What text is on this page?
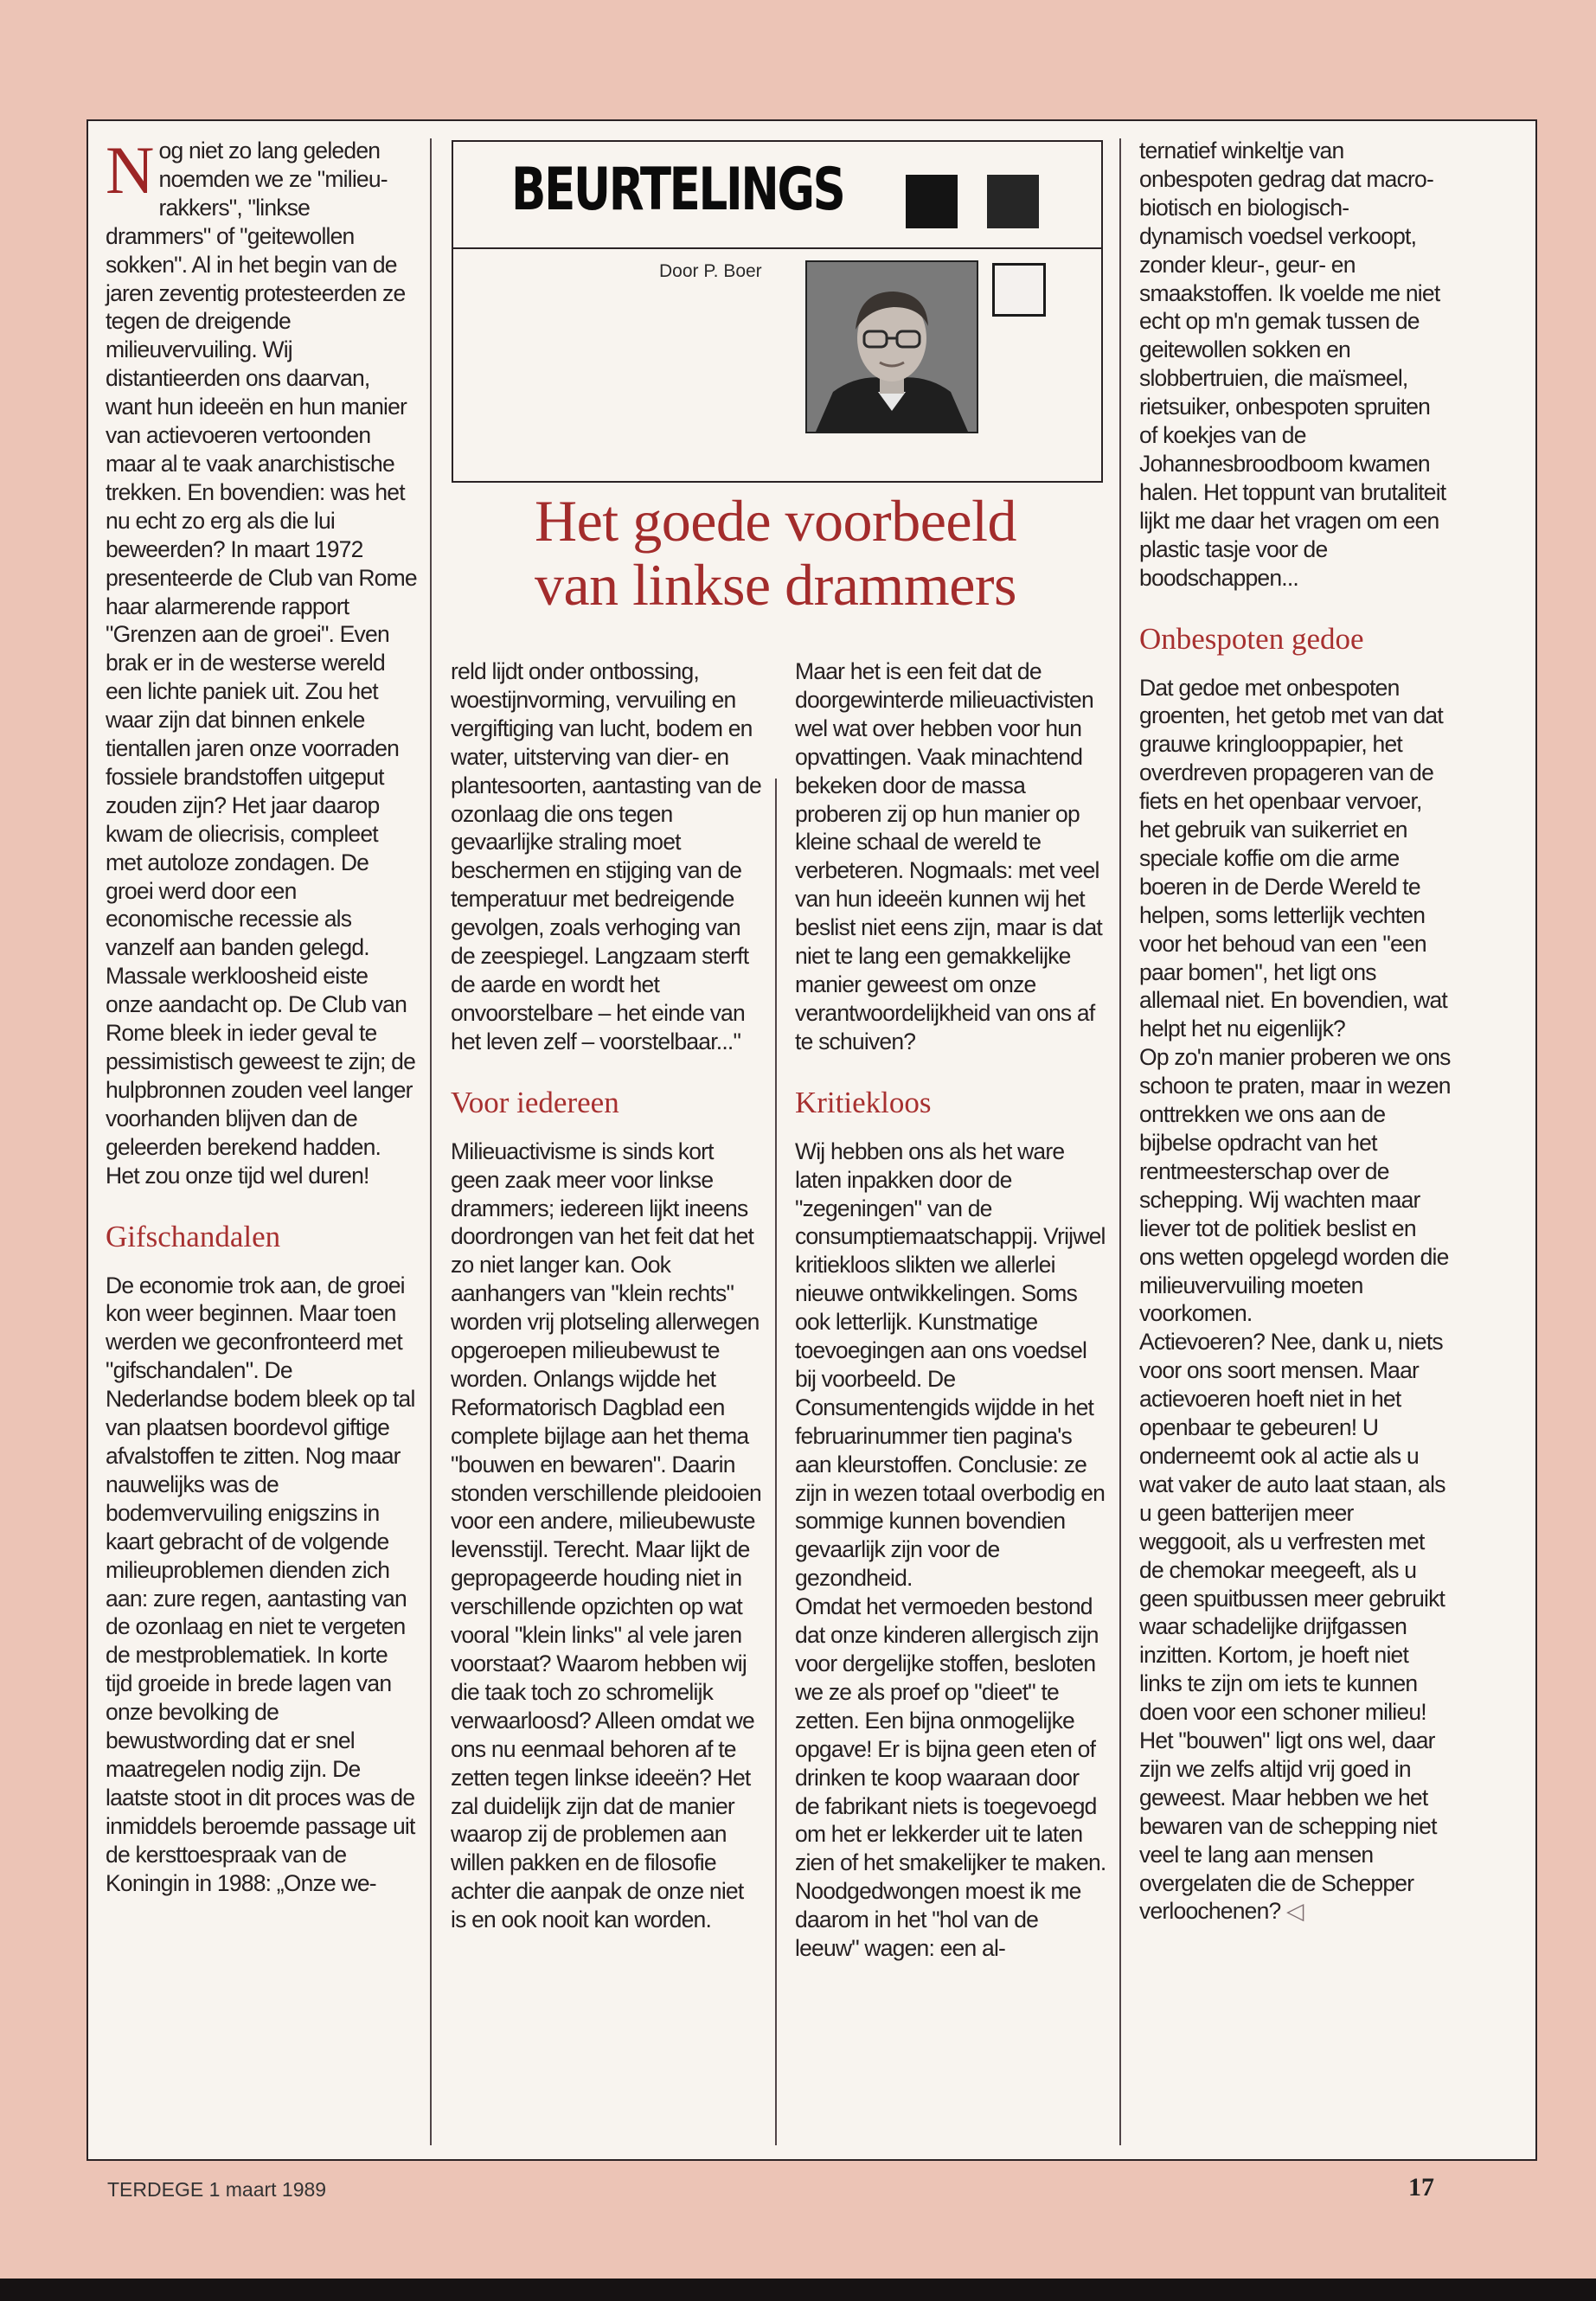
N og niet zo lang geleden noemden we ze "milieu-rakkers", "linkse drammers" of "geitewollen sokken". Al in het begin van de jaren zeventig protesteerden ze tegen de dreigende milieuvervuiling. Wij distantieerden ons daarvan, want hun ideeën en hun manier van actievoeren vertoonden maar al te vaak anarchistische trekken. En bovendien: was het nu echt zo erg als die lui beweerden? In maart 1972 presenteerde de Club van Rome haar alarmerende rapport "Grenzen aan de groei". Even brak er in de westerse wereld een lichte paniek uit. Zou het waar zijn dat binnen enkele tientallen jaren onze voorraden fossiele brandstoffen uitgeput zouden zijn? Het jaar daarop kwam de oliecrisis, compleet met autoloze zondagen. De groei werd door een economische recessie als vanzelf aan banden gelegd. Massale werkloosheid eiste onze aandacht op. De Club van Rome bleek in ieder geval te pessimistisch geweest te zijn; de hulpbronnen zouden veel langer voorhanden blijven dan de geleerden berekend hadden. Het zou onze tijd wel duren!

Gifschandalen

De economie trok aan, de groei kon weer beginnen. Maar toen werden we geconfronteerd met "gifschandalen". De Nederlandse bodem bleek op tal van plaatsen boordevol giftige afvalstoffen te zitten. Nog maar nauwelijks was de bodemvervuiling enigszins in kaart gebracht of de volgende milieuproblemen dienden zich aan: zure regen, aantasting van de ozonlaag en niet te vergeten de mestproblematiek. In korte tijd groeide in brede lagen van onze bevolking de bewustwording dat er snel maatregelen nodig zijn. De laatste stoot in dit proces was de inmiddels beroemde passage uit de kersttoespraak van de Koningin in 1988: „Onze we-

BEURTELINGS
Door P. Boer
Het goede voorbeeld
van linkse drammers

reld lijdt onder ontbossing, woestijnvorming, vervuiling en vergiftiging van lucht, bodem en water, uitsterving van dier- en plantesoorten, aantasting van de ozonlaag die ons tegen gevaarlijke straling moet beschermen en stijging van de temperatuur met bedreigende gevolgen, zoals verhoging van de zeespiegel. Langzaam sterft de aarde en wordt het onvoorstelbare – het einde van het leven zelf – voorstelbaar..."

Voor iedereen

Milieuactivisme is sinds kort geen zaak meer voor linkse drammers; iedereen lijkt ineens doordrongen van het feit dat het zo niet langer kan. Ook aanhangers van "klein rechts" worden vrij plotseling allerwegen opgeroepen milieubewust te worden. Onlangs wijdde het Reformatorisch Dagblad een complete bijlage aan het thema "bouwen en bewaren". Daarin stonden verschillende pleidooien voor een andere, milieubewuste levensstijl. Terecht. Maar lijkt de gepropageerde houding niet in verschillende opzichten op wat vooral "klein links" al vele jaren voorstaat? Waarom hebben wij die taak toch zo schromelijk verwaarloosd? Alleen omdat we ons nu eenmaal behoren af te zetten tegen linkse ideeën? Het zal duidelijk zijn dat de manier waarop zij de problemen aan willen pakken en de filosofie achter die aanpak de onze niet is en ook nooit kan worden.

Maar het is een feit dat de doorgewinterde milieuactivisten wel wat over hebben voor hun opvattingen. Vaak minachtend bekeken door de massa proberen zij op hun manier op kleine schaal de wereld te verbeteren. Nogmaals: met veel van hun ideeën kunnen wij het beslist niet eens zijn, maar is dat niet te lang een gemakkelijke manier geweest om onze verantwoordelijkheid van ons af te schuiven?

Kritiekloos

Wij hebben ons als het ware laten inpakken door de "zegeningen" van de consumptiemaatschappij. Vrijwel kritiekloos slikten we allerlei nieuwe ontwikkelingen. Soms ook letterlijk. Kunstmatige toevoegingen aan ons voedsel bij voorbeeld. De Consumentengids wijdde in het februarinummer tien pagina's aan kleurstoffen. Conclusie: ze zijn in wezen totaal overbodig en sommige kunnen bovendien gevaarlijk zijn voor de gezondheid.
Omdat het vermoeden bestond dat onze kinderen allergisch zijn voor dergelijke stoffen, besloten we ze als proef op "dieet" te zetten. Een bijna onmogelijke opgave! Er is bijna geen eten of drinken te koop waaraan door de fabrikant niets is toegevoegd om het er lekkerder uit te laten zien of het smakelijker te maken. Noodgedwongen moest ik me daarom in het "hol van de leeuw" wagen: een al-

ternatief winkeltje van onbespoten gedrag dat macro-biotisch en biologisch-dynamisch voedsel verkoopt, zonder kleur-, geur- en smaakstoffen. Ik voelde me niet echt op m'n gemak tussen de geitewollen sokken en slobbertruien, die maïsmeel, rietsuiker, onbespoten spruiten of koekjes van de Johannesbroodboom kwamen halen. Het toppunt van brutaliteit lijkt me daar het vragen om een plastic tasje voor de boodschappen...

Onbespoten gedoe

Dat gedoe met onbespoten groenten, het getob met van dat grauwe kringlooppapier, het overdreven propageren van de fiets en het openbaar vervoer, het gebruik van suikerriet en speciale koffie om die arme boeren in de Derde Wereld te helpen, soms letterlijk vechten voor het behoud van een "een paar bomen", het ligt ons allemaal niet. En bovendien, wat helpt het nu eigenlijk?
Op zo'n manier proberen we ons schoon te praten, maar in wezen onttrekken we ons aan de bijbelse opdracht van het rentmeesterschap over de schepping. Wij wachten maar liever tot de politiek beslist en ons wetten opgelegd worden die milieuvervuiling moeten voorkomen.
Actievoeren? Nee, dank u, niets voor ons soort mensen. Maar actievoeren hoeft niet in het openbaar te gebeuren! U onderneemt ook al actie als u wat vaker de auto laat staan, als u geen batterijen meer weggooit, als u verfresten met de chemokar meegeeft, als u geen spuitbussen meer gebruikt waar schadelijke drijfgassen inzitten. Kortom, je hoeft niet links te zijn om iets te kunnen doen voor een schoner milieu! Het "bouwen" ligt ons wel, daar zijn we zelfs altijd vrij goed in geweest. Maar hebben we het bewaren van de schepping niet veel te lang aan mensen overgelaten die de Schepper verloochenen? ◁

TERDEGE 1 maart 1989	17
